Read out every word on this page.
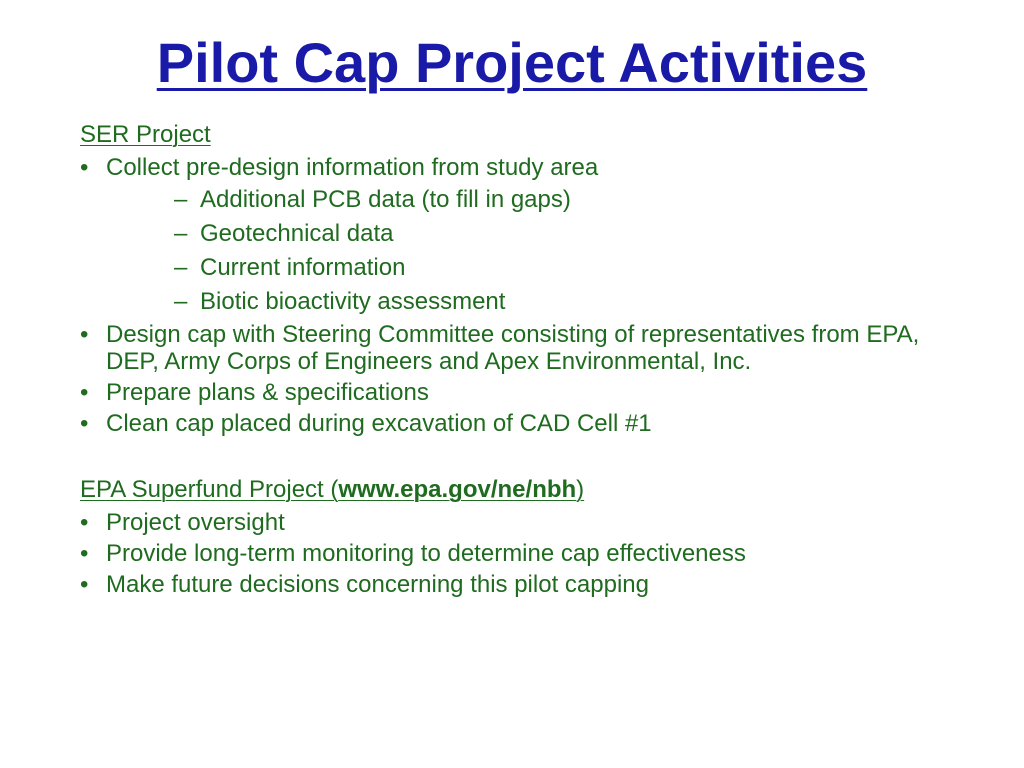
Pilot Cap Project Activities
SER Project
• Collect pre-design information from study area
– Additional PCB data (to fill in gaps)
– Geotechnical data
– Current information
– Biotic bioactivity assessment
• Design cap with Steering Committee consisting of representatives from EPA, DEP, Army Corps of Engineers and Apex Environmental, Inc.
• Prepare plans & specifications
• Clean cap placed during excavation of CAD Cell #1
EPA Superfund Project (www.epa.gov/ne/nbh)
• Project oversight
• Provide long-term monitoring to determine cap effectiveness
• Make future decisions concerning this pilot capping
